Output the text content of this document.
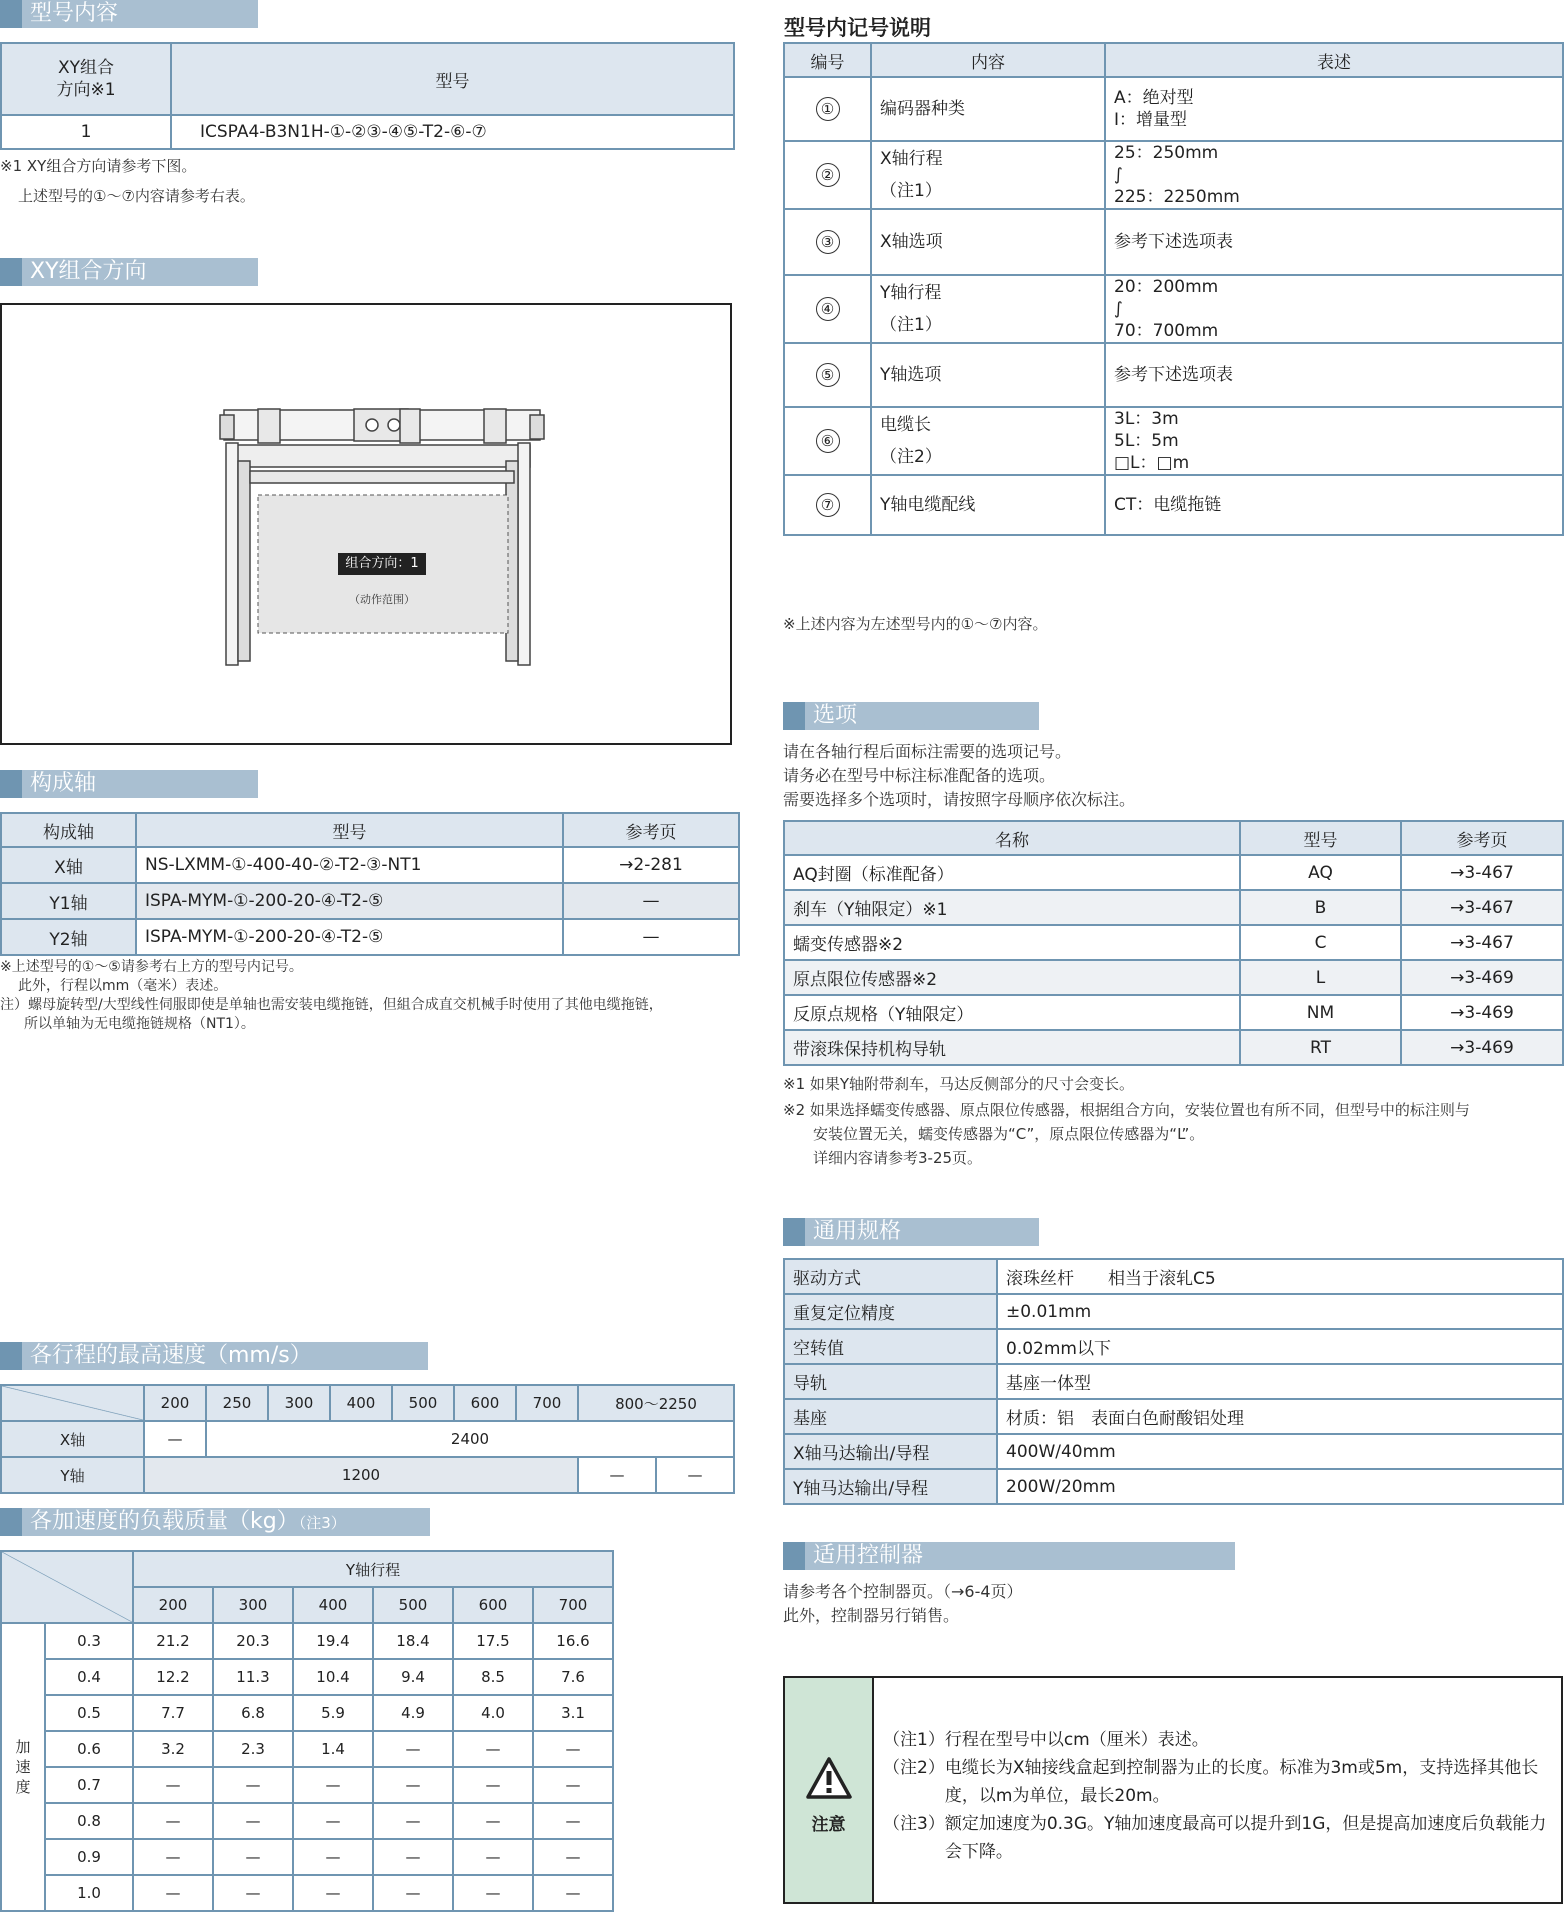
型号内容
XY组合
方向※1	型号
1	ICSPA4-B3N1H-①-②③-④⑤-T2-⑥-⑦
※1 XY组合方向请参考下图。
上述型号的①～⑦内容请参考右表。
XY组合方向
组合方向：1
（动作范围）
构成轴
构成轴	型号	参考页
X轴	NS-LXMM-①-400-40-②-T2-③-NT1	→2-281
Y1轴	ISPA-MYM-①-200-20-④-T2-⑤	—
Y2轴	ISPA-MYM-①-200-20-④-T2-⑤	—
※上述型号的①～⑤请参考右上方的型号内记号。
此外，行程以mm（毫米）表述。
注）螺母旋转型/大型线性伺服即使是单轴也需安装电缆拖链，但組合成直交机械手时使用了其他电缆拖链，
所以单轴为无电缆拖链规格（NT1）。
各行程的最高速度（mm/s）
	200	250	300	400	500	600	700	800～2250	
X轴	—	2400							
Y轴	1200							—	—
各加速度的负载质量（kg）（注3）
		Y轴行程					
		200	300	400	500	600	700
加
速
度	0.3	21.2	20.3	19.4	18.4	17.5	16.6
	0.4	12.2	11.3	10.4	9.4	8.5	7.6
	0.5	7.7	6.8	5.9	4.9	4.0	3.1
	0.6	3.2	2.3	1.4	—	—	—
	0.7	—	—	—	—	—	—
	0.8	—	—	—	—	—	—
	0.9	—	—	—	—	—	—
	1.0	—	—	—	—	—	—
型号内记号说明
编号	内容	表述
①	编码器种类	A：绝对型
I：增量型
②	X轴行程
（注1）	25：250mm
∫
225：2250mm
③	X轴选项	参考下述选项表
④	Y轴行程
（注1）	20：200mm
∫
70：700mm
⑤	Y轴选项	参考下述选项表
⑥	电缆长
（注2）	3L：3m
5L：5m
□L：□m
⑦	Y轴电缆配线	CT：电缆拖链
※上述内容为左述型号内的①～⑦内容。
选项
请在各轴行程后面标注需要的选项记号。
请务必在型号中标注标准配备的选项。
需要选择多个选项时，请按照字母顺序依次标注。
名称	型号	参考页
AQ封圈（标准配备）	AQ	→3-467
刹车（Y轴限定）※1	B	→3-467
蠕变传感器※2	C	→3-467
原点限位传感器※2	L	→3-469
反原点规格（Y轴限定）	NM	→3-469
带滚珠保持机构导轨	RT	→3-469
※1 如果Y轴附带刹车，马达反侧部分的尺寸会变长。
※2 如果选择蠕变传感器、原点限位传感器，根据组合方向，安装位置也有所不同，但型号中的标注则与
安装位置无关，蠕变传感器为“C”，原点限位传感器为“L”。
详细内容请参考3-25页。
通用规格
驱动方式	滚珠丝杆　　相当于滚轧C5
重复定位精度	±0.01mm
空转值	0.02mm以下
导轨	基座一体型
基座	材质：铝　表面白色耐酸铝处理
X轴马达输出/导程	400W/40mm
Y轴马达输出/导程	200W/20mm
适用控制器
请参考各个控制器页。（→6-4页）
此外，控制器另行销售。
注意
（注1） 行程在型号中以cm（厘米）表述。
（注2） 电缆长为X轴接线盒起到控制器为止的长度。标准为3m或5m，支持选择其他长度，以m为单位，最长20m。
（注3） 额定加速度为0.3G。Y轴加速度最高可以提升到1G，但是提高加速度后负载能力会下降。
